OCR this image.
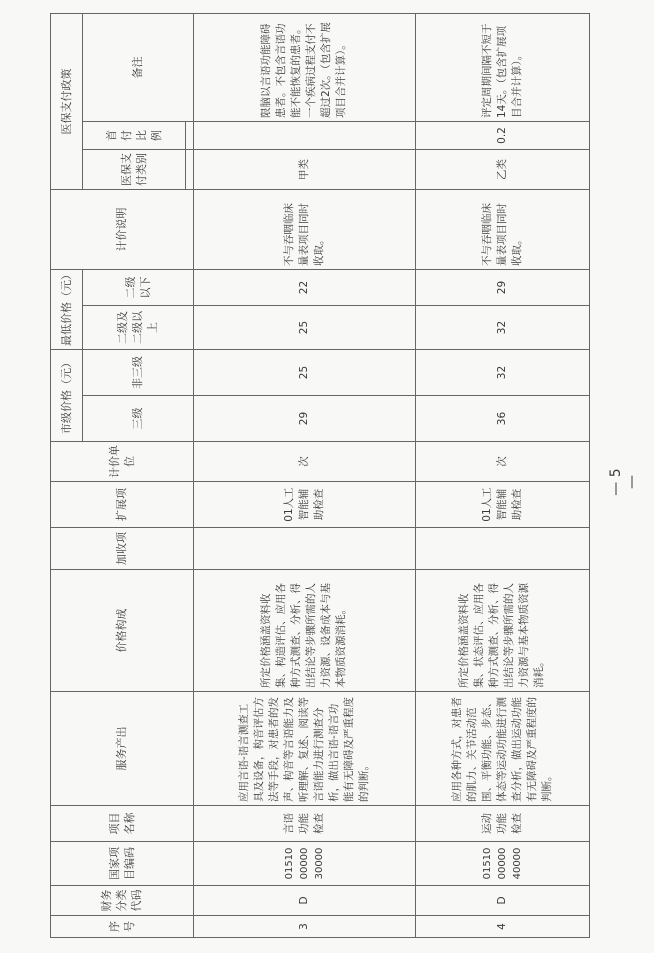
序号	财务分类代码	国家项目编码	项目名称	服务产出	价格构成	加收项	扩展项	计价单位	市级价格（元）		最低价格（元）		计价说明	医保支付政策		
									三级	非三级	二级及二级以上	二级以下		医保支付类别	首付比例	备注

3	D	015100000030000	言语功能检查	应用言语-语言测查工具及设备，构音评估方法等手段，对患者的发声、构音等言语能力及听理解、复述、阅读等言语能力进行测查分析，做出言语-语言功能有无障碍及严重程度的判断。	所定价格涵盖资料收集、构造评估、应用各种方式测查、分析、得出结论等步骤所需的人力资源、设备成本与基本物质资源消耗。		01人工智能辅助检查	次	29	25	25	22	不与吞咽临床量表项目同时收取。	甲类		限脑以言语功能障碍患者。不包含言语功能不能恢复的患者。一个疾病过程支付不超过2次。（包含扩展项目合并计算）。
4	D	015100000040000	运动功能检查	应用各种方式，对患者的肌力、关节活动范围、平衡功能、步态、体态等运动功能进行测查分析，做出运动功能有无障碍及严重程度的判断。	所定价格涵盖资料收集、状态评估、应用各种方式测查、分析、得出结论等步骤所需的人力资源与基本物质资源消耗。		01人工智能辅助检查	次	36	32	32	29	不与吞咽临床量表项目同时收取。	乙类	0.2	评定周期间隔不短于14天。（包含扩展项目合并计算）。
— 5 —
